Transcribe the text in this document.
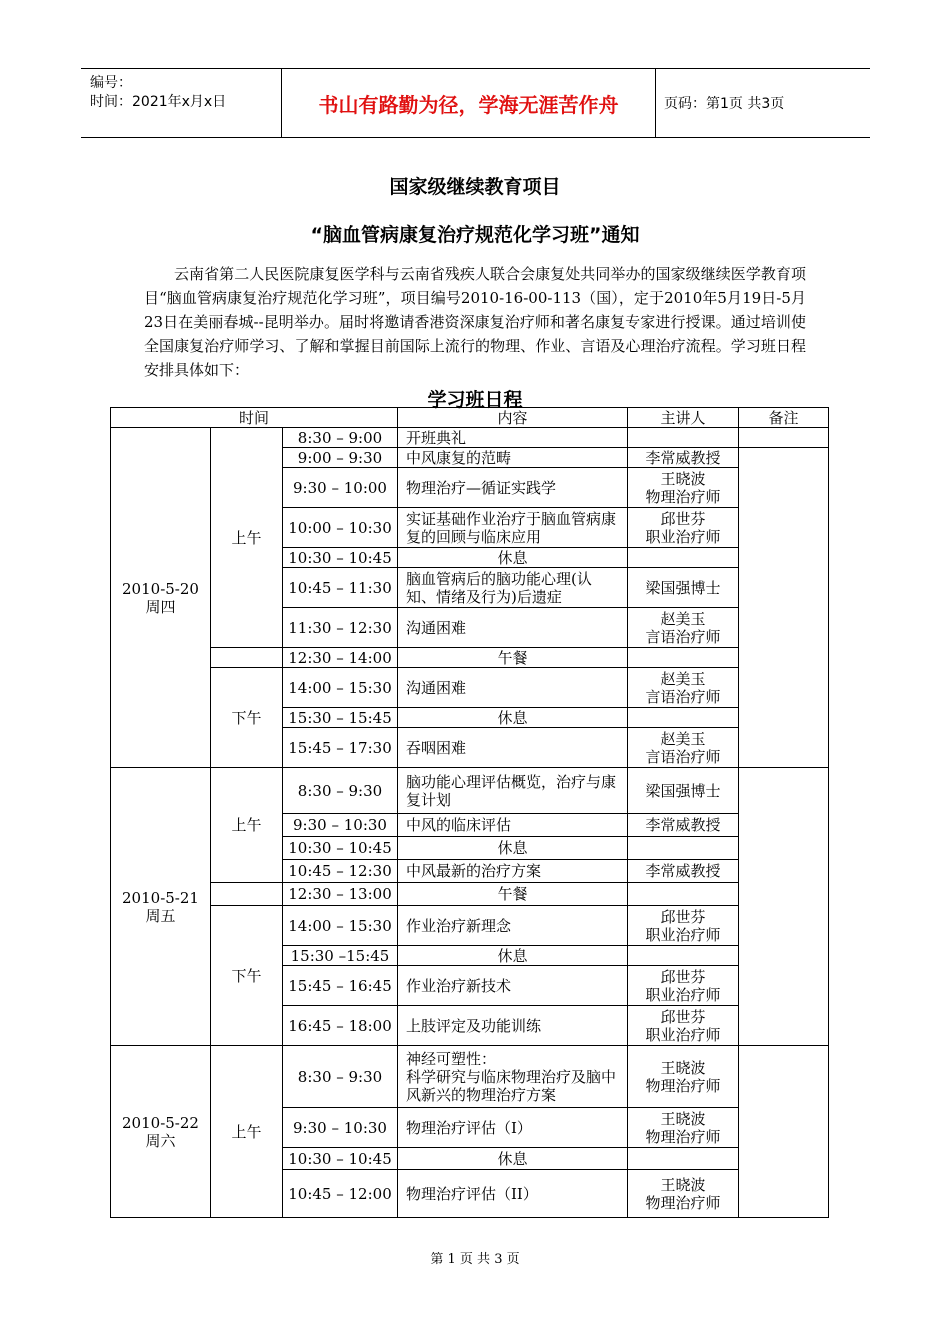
编号：
时间：2021年x月x日	书山有路勤为径，学海无涯苦作舟	页码：第1页 共3页
国家级继续教育项目
“脑血管病康复治疗规范化学习班”通知
云南省第二人民医院康复医学科与云南省残疾人联合会康复处共同举办的国家级继续医学教育项目“脑血管病康复治疗规范化学习班”，项目编号2010-16-00-113（国），定于2010年5月19日-5月23日在美丽春城--昆明举办。届时将邀请香港资深康复治疗师和著名康复专家进行授课。通过培训使全国康复治疗师学习、了解和掌握目前国际上流行的物理、作业、言语及心理治疗流程。学习班日程安排具体如下：
学习班日程
时间			内容	主讲人	备注
2010-5-20
周四	上午	8:30 – 9:00	开班典礼		
		9:00 – 9:30	中风康复的范畴	李常威教授	
		9:30 – 10:00	物理治疗—循证实践学	王晓波
物理治疗师	
		10:00 – 10:30	实证基础作业治疗于脑血管病康复的回顾与临床应用	邱世芬
职业治疗师	
		10:30 – 10:45	休息		
		10:45 – 11:30	脑血管病后的脑功能心理(认知、情绪及行为)后遗症	梁国强博士	
		11:30 – 12:30	沟通困难	赵美玉
言语治疗师	
		12:30 – 14:00	午餐		
	下午	14:00 – 15:30	沟通困难	赵美玉
言语治疗师	
		15:30 – 15:45	休息		
		15:45 – 17:30	吞咽困难	赵美玉
言语治疗师	
2010-5-21
周五	上午	8:30 – 9:30	脑功能心理评估概览，治疗与康复计划	梁国强博士	
		9:30 – 10:30	中风的临床评估	李常威教授	
		10:30 – 10:45	休息		
		10:45 – 12:30	中风最新的治疗方案	李常威教授	
		12:30 – 13:00	午餐		
	下午	14:00 – 15:30	作业治疗新理念	邱世芬
职业治疗师	
		15:30 –15:45	休息		
		15:45 – 16:45	作业治疗新技术	邱世芬
职业治疗师	
		16:45 – 18:00	上肢评定及功能训练	邱世芬
职业治疗师	
2010-5-22
周六	上午	8:30 – 9:30	神经可塑性：
科学研究与临床物理治疗及脑中风新兴的物理治疗方案	王晓波
物理治疗师	
		9:30 – 10:30	物理治疗评估（I）	王晓波
物理治疗师	
		10:30 – 10:45	休息		
		10:45 – 12:00	物理治疗评估（II）	王晓波
物理治疗师	
第 1 页 共 3 页
